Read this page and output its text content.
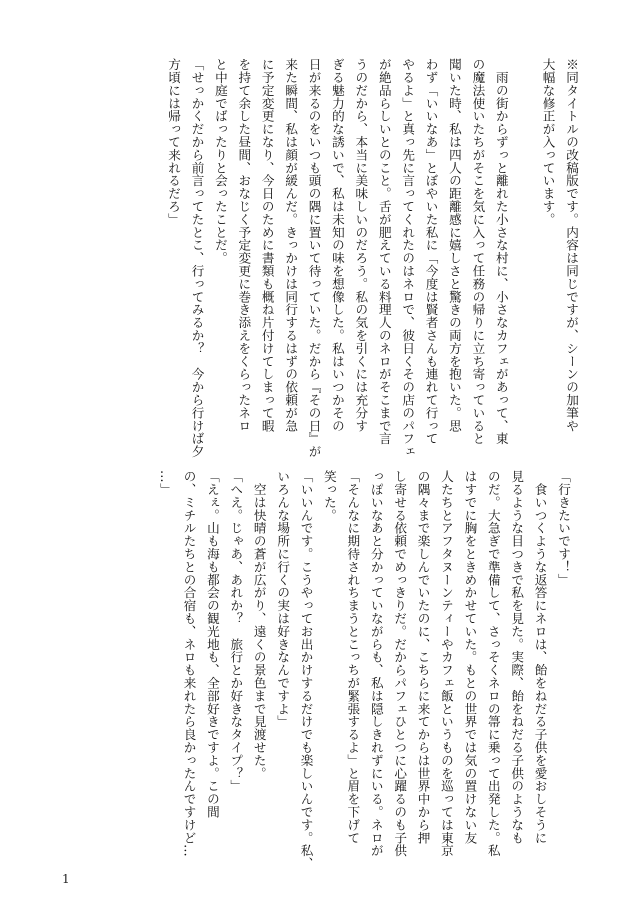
※同タイトルの改稿版です。内容は同じですが、シーンの加筆や
大幅な修正が入っています。

　雨の街からずっと離れた小さな村に、小さなカフェがあって、東
の魔法使いたちがそこを気に入って任務の帰りに立ち寄っていると
聞いた時、私は四人の距離感に嬉しさと驚きの両方を抱いた。思
わず「いいなあ」とぼやいた私に「今度は賢者さんも連れて行って
やるよ」と真っ先に言ってくれたのはネロで、彼日くその店のパフェ
が絶品らしいとのこと。舌が肥えている料理人のネロがそこまで言
うのだから、本当に美味しいのだろう。私の気を引くには充分す
ぎる魅力的な誘いで、私は未知の味を想像した。私はいつかその
日が来るのをいつも頭の隅に置いて待っていた。だから『その日』が
来た瞬間、私は顔が緩んだ。きっかけは同行するはずの依頼が急
に予定変更になり、今日のために書類も概ね片付けてしまって暇
を持て余した昼間、おなじく予定変更に巻き添えをくらったネロ
と中庭でばったりと会ったことだ。
「せっかくだから前言ってたとこ、行ってみるか？　今から行けば夕
方頃には帰って来れるだろ」
「行きたいです！」
　食いつくような返答にネロは、飴をねだる子供を愛おしそうに
見るような目つきで私を見た。実際、飴をねだる子供のようなも
のだ。大急ぎで準備して、さっそくネロの箒に乗って出発した。私
はすでに胸をときめかせていた。もとの世界では気の置けない友
人たちとアフタヌーンティーやカフェ飯というものを巡っては東京
の隅々まで楽しんでいたのに、こちらに来てからは世界中から押
し寄せる依頼でめっきりだ。だからパフェひとつに心躍るのも子供
っぽいなあと分かっていながらも、私は隠しきれずにいる。ネロが
「そんなに期待されちまうとこっちが緊張するよ」と眉を下げて
笑った。
「いいんです。こうやってお出かけするだけでも楽しいんです。私、
いろんな場所に行くの実は好きなんですよ」
　空は快晴の蒼が広がり、遠くの景色まで見渡せた。
「へえ。じゃあ、あれか？　旅行とか好きなタイプ？」
「えぇ。山も海も都会の観光地も、全部好きですよ。この間
の、ミチルたちとの合宿も、ネロも来れたら良かったんですけど…
…」
1
